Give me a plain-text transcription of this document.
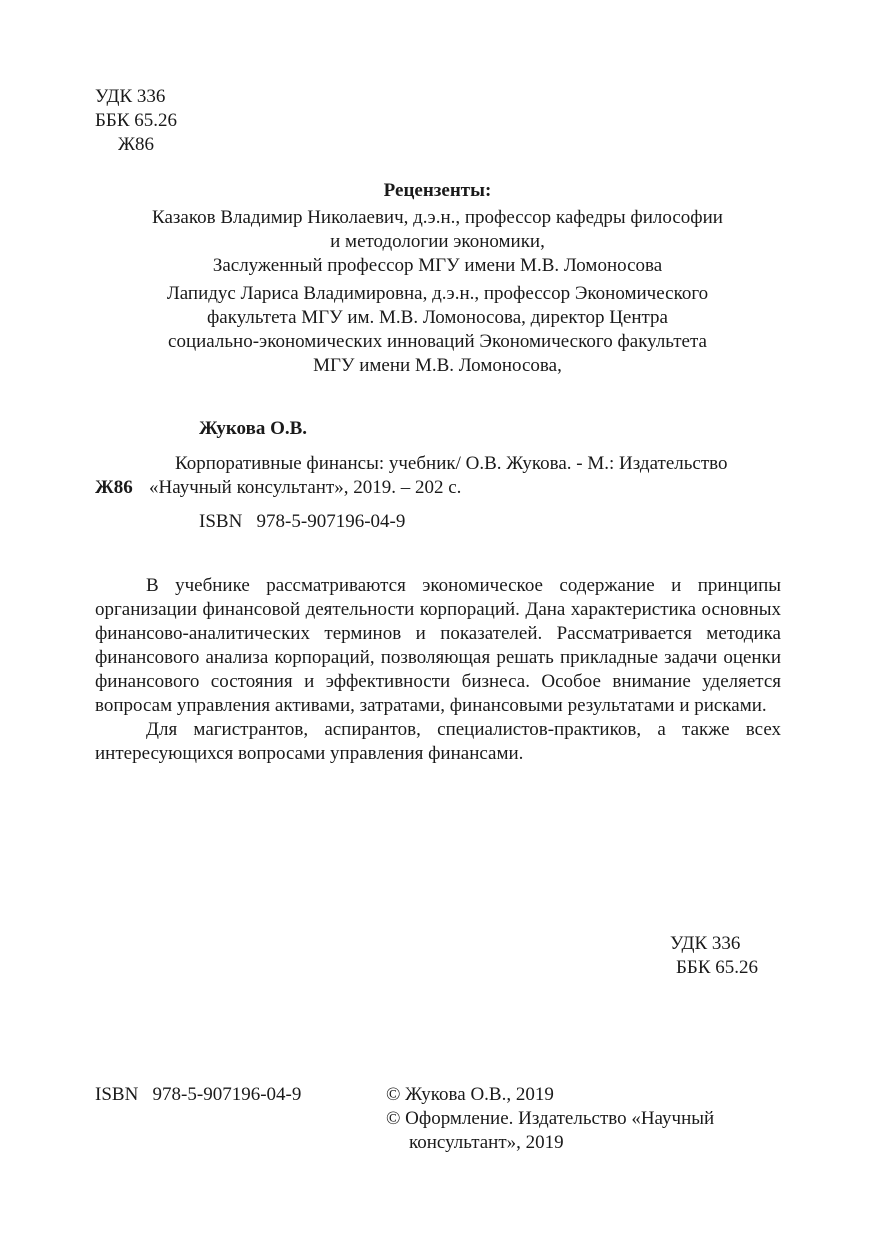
УДК 336
ББК 65.26
Ж86
Рецензенты:
Казаков Владимир Николаевич, д.э.н., профессор кафедры философии
и методологии экономики,
Заслуженный профессор МГУ имени М.В. Ломоносова
Лапидус Лариса Владимировна, д.э.н., профессор Экономического
факультета МГУ им. М.В. Ломоносова, директор Центра
социально-экономических инноваций Экономического факультета
МГУ имени М.В. Ломоносова,
Жукова О.В.
Корпоративные финансы: учебник/ О.В. Жукова. - М.: Издательство
Ж86 «Научный консультант», 2019. – 202 с.
ISBN 978-5-907196-04-9

В учебнике рассматриваются экономическое содержание и принципы организации финансовой деятельности корпораций. Дана характеристика основных финансово-аналитических терминов и показателей. Рассматривается методика финансового анализа корпораций, позволяющая решать прикладные задачи оценки финансового состояния и эффективности бизнеса. Особое внимание уделяется вопросам управления активами, затратами, финансовыми результатами и рисками.

Для магистрантов, аспирантов, специалистов-практиков, а также всех интересующихся вопросами управления финансами.

УДК 336
ББК 65.26
ISBN 978-5-907196-04-9	© Жукова О.В., 2019
© Оформление. Издательство «Научный
консультант», 2019
